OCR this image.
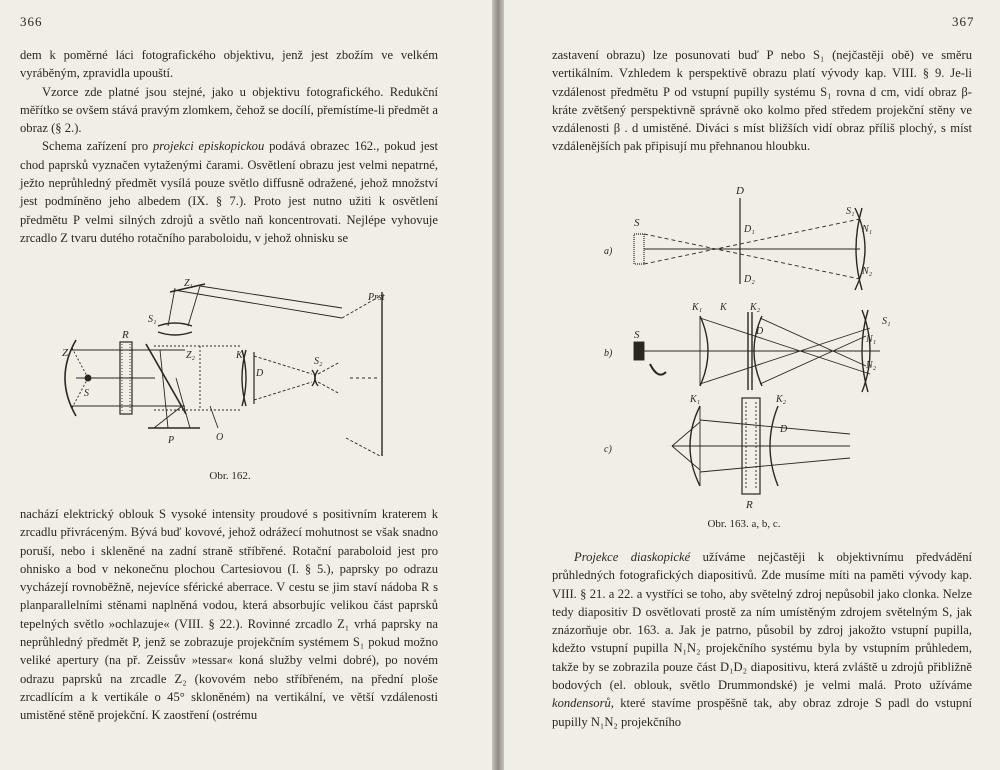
366

dem k poměrné láci fotografického objektivu, jenž jest zbožím ve velkém vyráběným, zpravidla upouští.

Vzorce zde platné jsou stejné, jako u objektivu fotografického. Redukční měřítko se ovšem stává pravým zlomkem, čehož se docílí, přemístíme-li předmět a obraz (§ 2.).

Schema zařízení pro projekci episkopickou podává obrazec 162., pokud jest chod paprsků vyznačen vytaženými čarami. Osvětlení obrazu jest velmi nepatrné, ježto neprůhledný předmět vysílá pouze světlo diffusně odražené, jehož množství jest podmíněno jeho albedem (IX. § 7.). Proto jest nutno užiti k osvětlení předmětu P velmi silných zdrojů a světlo naň koncentrovati. Nejlépe vyhovuje zrcadlo Z tvaru dutého rotačního paraboloidu, v jehož ohnisku se

Z₁
Z
R
S₁
Z₂	K
D
S₂
S
P	O
Prst
Obr. 162.

nachází elektrický oblouk S vysoké intensity proudové s positivním kraterem k zrcadlu přivráceným. Bývá buď kovové, jehož odrážecí mohutnost se však snadno poruší, nebo i skleněné na zadní straně stříbřené. Rotační paraboloid jest pro ohnisko a bod v nekonečnu plochou Cartesiovou (I. § 5.), paprsky po odrazu vycházejí rovnoběžně, nejevíce sférické aberrace. V cestu se jim staví nádoba R s planparallelními stěnami naplněná vodou, která absorbujíc velikou část paprsků tepelných světlo »ochlazuje« (VIII. § 22.). Rovinné zrcadlo Z₁ vrhá paprsky na neprůhledný předmět P, jenž se zobrazuje projekčním systémem S₁ pokud možno veliké apertury (na př. Zeissův »tessar« koná služby velmi dobré), po novém odrazu paprsků na zrcadle Z₂ (kovovém nebo stříbřeném, na přední ploše zrcadlícím a k vertikále o 45° skloněném) na vertikální, ve větší vzdálenosti umistěné stěně projekční. K zaostření (ostrému

367

zastavení obrazu) lze posunovati buď P nebo S₁ (nejčastěji obě) ve směru vertikálním. Vzhledem k perspektivě obrazu platí vývody kap. VIII. § 9. Je-li vzdálenost předmětu P od vstupní pupilly systému S₁ rovna d cm, vidí obraz β-kráte zvětšený perspektivně správně oko kolmo před středem projekční stěny ve vzdálenosti β . d umistěné. Diváci s míst bližších vidí obraz příliš plochý, s míst vzdálenějších pak připisují mu přehnanou hloubku.

a)
S
D
D₁
D₂
S₁
N₁
N₂
b)
S
K₁ K K₂
D
S₁
N₁
N₂
c)
K₁	K₂
D
R
Obr. 163. a, b, c.

Projekce diaskopické užíváme nejčastěji k objektivnímu předvádění průhledných fotografických diapositivů. Zde musíme míti na paměti vývody kap. VIII. § 21. a 22. a vystříci se toho, aby světelný zdroj nepůsobil jako clonka. Nelze tedy diapositiv D osvětlovati prostě za ním umístěným zdrojem světelným S, jak znázorňuje obr. 163. a. Jak je patrno, působil by zdroj jakožto vstupní pupilla, kdežto vstupní pupilla N₁N₂ projekčního systému byla by vstupním průhledem, takže by se zobrazila pouze část D₁D₂ diapositivu, která zvláště u zdrojů přibližně bodových (el. oblouk, světlo Drummondské) je velmi malá. Proto užíváme kondensorů, které stavíme prospěšně tak, aby obraz zdroje S padl do vstupní pupilly N₁N₂ projekčního
